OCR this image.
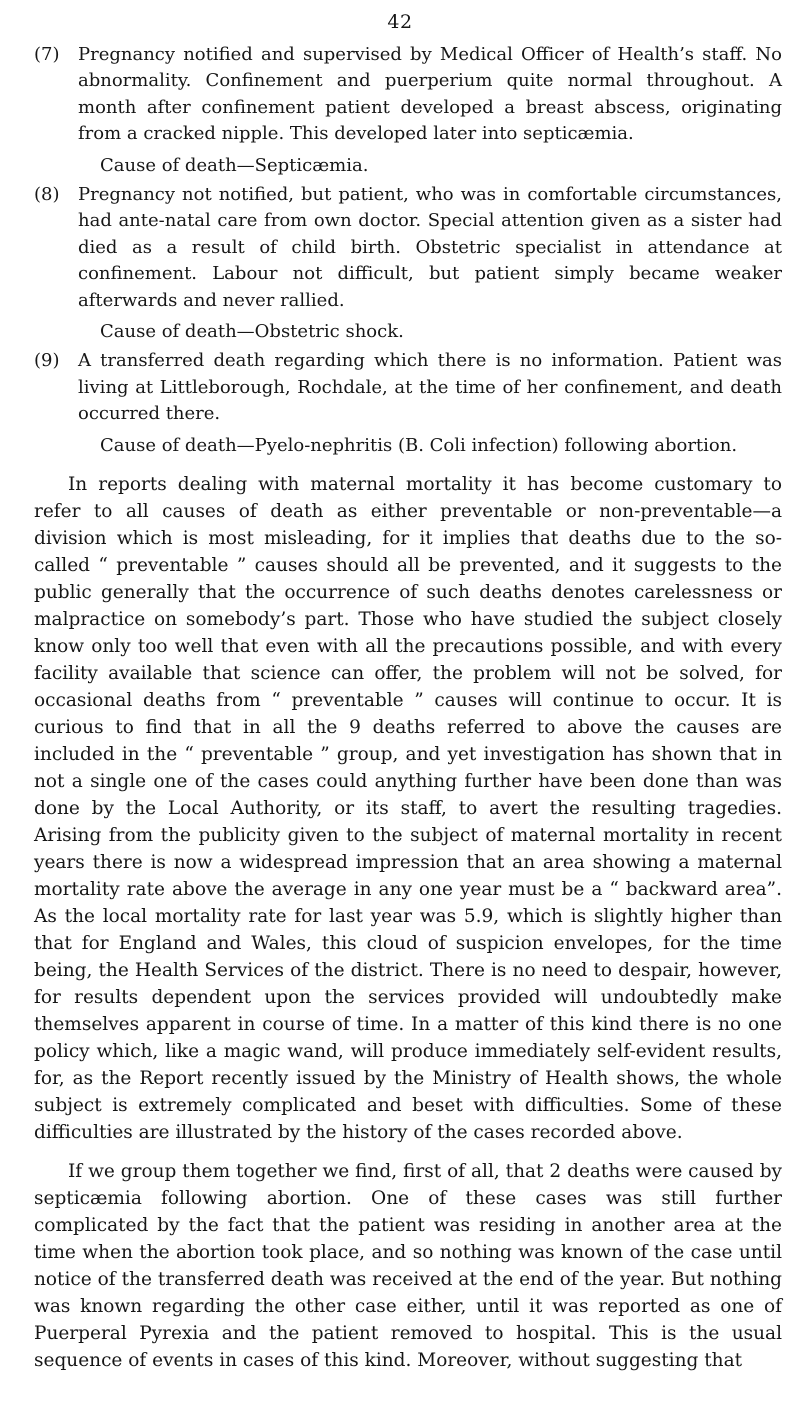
42
(7)	Pregnancy notified and supervised by Medical Officer of Health’s staff. No abnormality. Confinement and puerperium quite normal throughout. A month after confinement patient developed a breast abscess, originating from a cracked nipple. This developed later into septicæmia.

Cause of death—Septicæmia.

(8)	Pregnancy not notified, but patient, who was in comfortable circumstances, had ante-natal care from own doctor. Special attention given as a sister had died as a result of child birth. Obstetric specialist in attendance at confinement. Labour not difficult, but patient simply became weaker afterwards and never rallied.

Cause of death—Obstetric shock.

(9)	A transferred death regarding which there is no information. Patient was living at Littleborough, Rochdale, at the time of her confinement, and death occurred there.

Cause of death—Pyelo-nephritis (B. Coli infection) following abortion.

In reports dealing with maternal mortality it has become customary to refer to all causes of death as either preventable or non-preventable—a division which is most misleading, for it implies that deaths due to the so-called “ preventable ” causes should all be prevented, and it suggests to the public generally that the occurrence of such deaths denotes carelessness or malpractice on somebody’s part. Those who have studied the subject closely know only too well that even with all the precautions possible, and with every facility available that science can offer, the problem will not be solved, for occasional deaths from “ preventable ” causes will continue to occur. It is curious to find that in all the 9 deaths referred to above the causes are included in the “ preventable ” group, and yet investigation has shown that in not a single one of the cases could anything further have been done than was done by the Local Authority, or its staff, to avert the resulting tragedies. Arising from the publicity given to the subject of maternal mortality in recent years there is now a widespread impression that an area showing a maternal mortality rate above the average in any one year must be a “ backward area”. As the local mortality rate for last year was 5.9, which is slightly higher than that for England and Wales, this cloud of suspicion envelopes, for the time being, the Health Services of the district. There is no need to despair, however, for results dependent upon the services provided will undoubtedly make themselves apparent in course of time. In a matter of this kind there is no one policy which, like a magic wand, will produce immediately self-evident results, for, as the Report recently issued by the Ministry of Health shows, the whole subject is extremely complicated and beset with difficulties. Some of these difficulties are illustrated by the history of the cases recorded above.

If we group them together we find, first of all, that 2 deaths were caused by septicæmia following abortion. One of these cases was still further complicated by the fact that the patient was residing in another area at the time when the abortion took place, and so nothing was known of the case until notice of the transferred death was received at the end of the year. But nothing was known regarding the other case either, until it was reported as one of Puerperal Pyrexia and the patient removed to hospital. This is the usual sequence of events in cases of this kind. Moreover, without suggesting that
